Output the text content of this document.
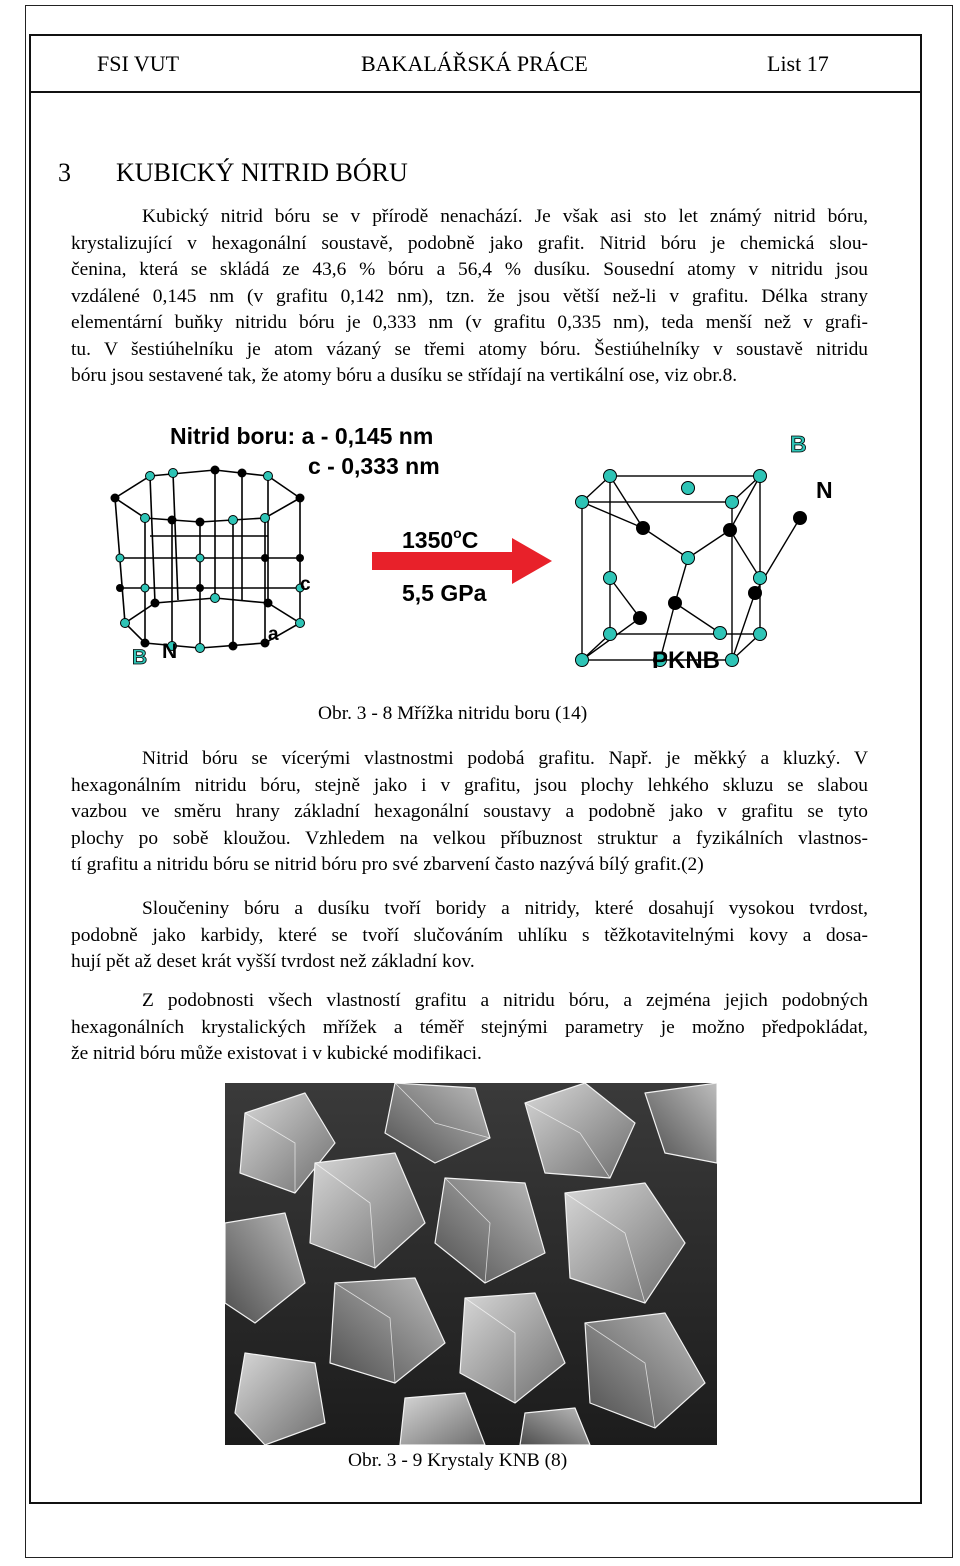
FSI VUT	BAKALÁŘSKÁ PRÁCE	List 17
3 KUBICKÝ NITRID BÓRU
Kubický nitrid bóru se v přírodě nenachází. Je však asi sto let známý nitrid bóru,
krystalizující v hexagonální soustavě, podobně jako grafit. Nitrid bóru je chemická slou-
čenina, která se skládá ze 43,6 % bóru a 56,4 % dusíku. Sousední atomy v nitridu jsou
vzdálené 0,145 nm (v grafitu 0,142 nm), tzn. že jsou větší než-li v grafitu. Délka strany
elementární buňky nitridu bóru je 0,333 nm (v grafitu 0,335 nm), teda menší než v grafi-
tu. V šestiúhelníku je atom vázaný se třemi atomy bóru. Šestiúhelníky v soustavě nitridu
bóru jsou sestavené tak, že atomy bóru a dusíku se střídají na vertikální ose, viz obr.8.
Nitrid boru: a - 0,145 nm
c - 0,333 nm
c
a
B N
1350$^o$C
5,5 GPa
B
N
PKNB
Obr. 3 - 8 Mřížka nitridu boru (14)
Nitrid bóru se vícerými vlastnostmi podobá grafitu. Např. je měkký a kluzký. V
hexagonálním nitridu bóru, stejně jako i v grafitu, jsou plochy lehkého skluzu se slabou
vazbou ve směru hrany základní hexagonální soustavy a podobně jako v grafitu se tyto
plochy po sobě kloužou. Vzhledem na velkou příbuznost struktur a fyzikálních vlastnos-
tí grafitu a nitridu bóru se nitrid bóru pro své zbarvení často nazývá bílý grafit.(2)
Sloučeniny bóru a dusíku tvoří boridy a nitridy, které dosahují vysokou tvrdost,
podobně jako karbidy, které se tvoří slučováním uhlíku s těžkotavitelnými kovy a dosa-
hují pět až deset krát vyšší tvrdost než základní kov.
Z podobnosti všech vlastností grafitu a nitridu bóru, a zejména jejich podobných
hexagonálních krystalických mřížek a téměř stejnými parametry je možno předpokládat,
že nitrid bóru může existovat i v kubické modifikaci.
Obr. 3 - 9 Krystaly KNB (8)
